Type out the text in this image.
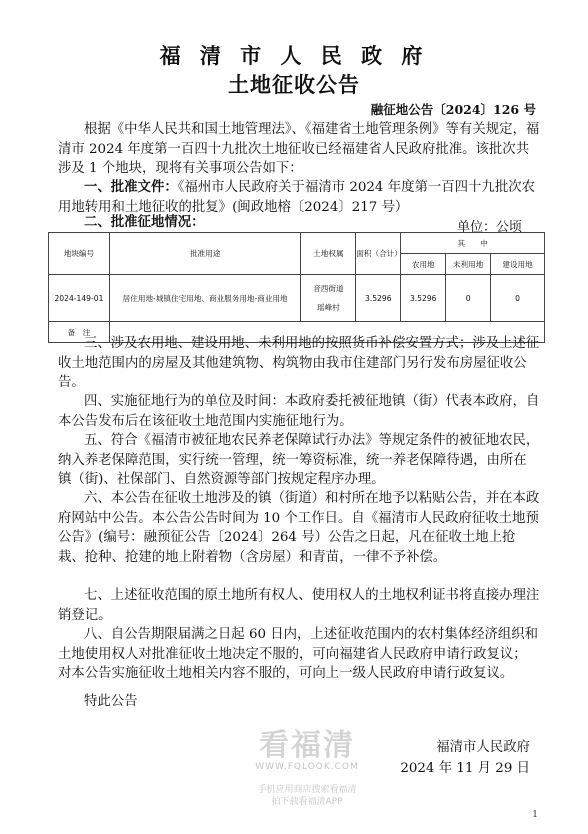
福 清 市 人 民 政 府
土地征收公告
融征地公告〔2024〕126 号

根据《中华人民共和国土地管理法》、《福建省土地管理条例》等有关规定，福清市 2024 年度第一百四十九批次土地征收已经福建省人民政府批准。该批次共涉及 1 个地块，现将有关事项公告如下：

一、批准文件：《福州市人民政府关于福清市 2024 年度第一百四十九批次农用地转用和土地征收的批复》(闽政地榕〔2024〕217 号）

二、批准征地情况：	单位：公顷
地块编号	批准用途	土地权属	面积（合计）	其　　中		
				农用地	未利用地	建设用地
2024-149-01	居住用地-城镇住宅用地、商业服务用地-商业用地	音西街道
瑶峰村	3.5296	3.5296	0	0
备　注						

三、涉及农用地、建设用地、未利用地的按照货币补偿安置方式；涉及上述征收土地范围内的房屋及其他建筑物、构筑物由我市住建部门另行发布房屋征收公告。

四、实施征地行为的单位及时间：本政府委托被征地镇（街）代表本政府，自本公告发布后在该征收土地范围内实施征地行为。

五、符合《福清市被征地农民养老保障试行办法》等规定条件的被征地农民，纳入养老保障范围，实行统一管理，统一筹资标准，统一养老保障待遇，由所在镇（街)、社保部门、自然资源等部门按规定程序办理。

六、本公告在征收土地涉及的镇（街道）和村所在地予以粘贴公告，并在本政府网站中公告。本公告公告时间为 10 个工作日。自《福清市人民政府征收土地预公告》(编号：融预征公告〔2024〕264 号）公告之日起，凡在征收土地上抢栽、抢种、抢建的地上附着物（含房屋）和青苗，一律不予补偿。

七、上述征收范围的原土地所有权人、使用权人的土地权利证书将直接办理注销登记。

八、自公告期限届满之日起 60 日内，上述征收范围内的农村集体经济组织和土地使用权人对批准征收土地决定不服的，可向福建省人民政府申请行政复议；对本公告实施征收土地相关内容不服的，可向上一级人民政府申请行政复议。

特此公告

看福清
WWW.FQLOOK.COM
手机应用商店搜索看福清
拍下载看福清APP
福清市人民政府
2024 年 11 月 29 日
1
